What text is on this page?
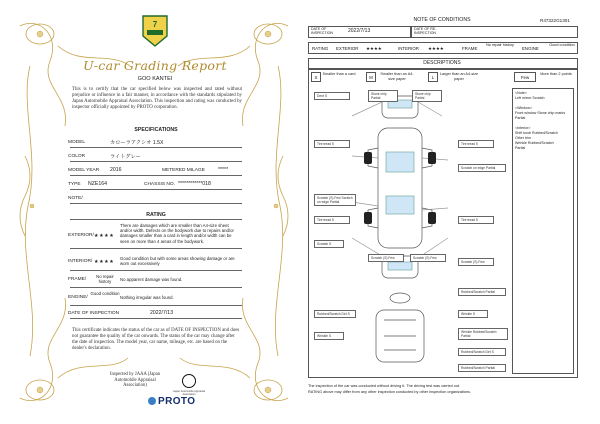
7
U-car Grading Report
GOO KANTEI
This is to certify that the car specified below was inspected and rated without prejudice or influence in a fair manner, in accordance with the standards stipulated by Japan Automobile Appraisal Association. This inspection and rating was conducted by inspector officially appointed by PROTO corporation.
SPECIFICATIONS
MODEL	カローラアクシオ 1.5X
COLOR	ライトグレー
MODEL YEAR 2016	METERED MILAGE	*****
TYPE NZE164	CHASSIS NO. ************018
NOTE/
RATING
EXTERIOR/ ★★★★
There are damages which are smaller than A4-size sheet and/or width. Defects on the bodywork due to repairs and/or damages smaller than a card in length and/or width can be seen on more than 4 areas of the bodywork.
INTERIOR/ ★★★★
Good condition but with some areas showing damage or are worn out excessively
FRAME/
No repair history	No apparent damage was found.
ENGINE/
Good condition
Nothing irregular was found.
DATE OF INSPECTION	2022/7/13
This certificate indicates the status of the car as of DATE OF INSPECTION and does not guarantee the quality of the car onwards. The status of the car may change after the date of inspection. The model year, car name, mileage, etc. are based on the dealer's declaration.
Inspected by JAAA (Japan Automobile Appraisal Association)
Japan Automobile Appraisal Association
PROTO
NOTE OF CONDITIONS	R47322G1301
DATE OF INSPECTION	2022/7/13	DATE OF RE-INSPECTION
RATING EXTERIOR ★★★★	INTERIOR ★★★★	FRAME
No repair history
ENGINE
Good condition
DESCRIPTIONS
S
Smaller than a card
M
Smaller than an A4-size paper	L
Larger than an A4-size paper	Few
More than 2 points
<Note>
Left mirror Scratch
<Window>
Front window Stone chip marks Partial
<Interior>
Shift knob Rubbed/Scratch
Other trim
Wrinkle Rubbed/Scratch
Partial
Dent S	Stone chip Partial
Stone chip Partial
Tire tread 5	Tire tread 5
Scratch on edge Partial
Scratch (S) Few Scratch on edge Partial
Tire tread 5	Tire tread 5
Scratch S
Scratch (S) Few	Scratch (S) Few
Scratch (S) Few
Rubbed/Scratch Partial
Rubbed/Scratch Dirt S	Wrinkle S
Wrinkle S
Wrinkle Rubbed/Scratch Partial
Rubbed/Scratch Dirt S
Rubbed/Scratch Partial
The inspection of the car was conducted without driving it. The driving test was carried out.
RATING above may differ from any other inspection conducted by other inspection organizations.
